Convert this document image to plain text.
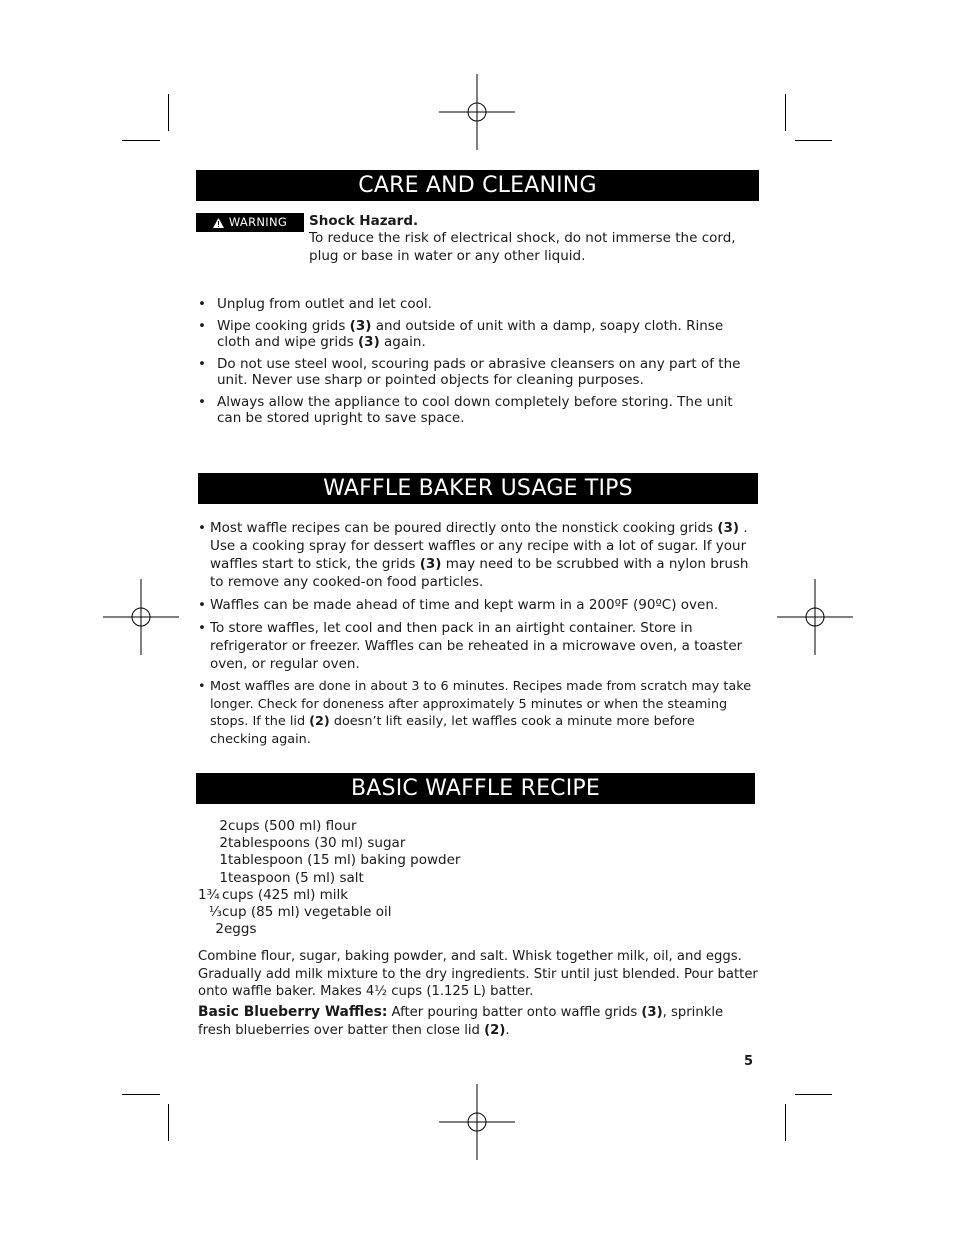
CARE AND CLEANING
WARNING Shock Hazard.
To reduce the risk of electrical shock, do not immerse the cord, plug or base in water or any other liquid.
• Unplug from outlet and let cool.
• Wipe cooking grids (3) and outside of unit with a damp, soapy cloth. Rinse cloth and wipe grids (3) again.
• Do not use steel wool, scouring pads or abrasive cleansers on any part of the unit. Never use sharp or pointed objects for cleaning purposes.
• Always allow the appliance to cool down completely before storing. The unit can be stored upright to save space.
WAFFLE BAKER USAGE TIPS
• Most waffle recipes can be poured directly onto the nonstick cooking grids (3) . Use a cooking spray for dessert waffles or any recipe with a lot of sugar. If your waffles start to stick, the grids (3) may need to be scrubbed with a nylon brush to remove any cooked-on food particles.
• Waffles can be made ahead of time and kept warm in a 200ºF (90ºC) oven.
• To store waffles, let cool and then pack in an airtight container. Store in refrigerator or freezer. Waffles can be reheated in a microwave oven, a toaster oven, or regular oven.
• Most waffles are done in about 3 to 6 minutes. Recipes made from scratch may take longer. Check for doneness after approximately 5 minutes or when the steaming stops. If the lid (2) doesn’t lift easily, let waffles cook a minute more before checking again.
BASIC WAFFLE RECIPE
2 cups (500 ml) flour
2 tablespoons (30 ml) sugar
1 tablespoon (15 ml) baking powder
1 teaspoon (5 ml) salt
1¾ cups (425 ml) milk
⅓ cup (85 ml) vegetable oil
2 eggs
Combine flour, sugar, baking powder, and salt. Whisk together milk, oil, and eggs. Gradually add milk mixture to the dry ingredients. Stir until just blended. Pour batter onto waffle baker. Makes 4½ cups (1.125 L) batter.
Basic Blueberry Waffles: After pouring batter onto waffle grids (3), sprinkle fresh blueberries over batter then close lid (2).
5
